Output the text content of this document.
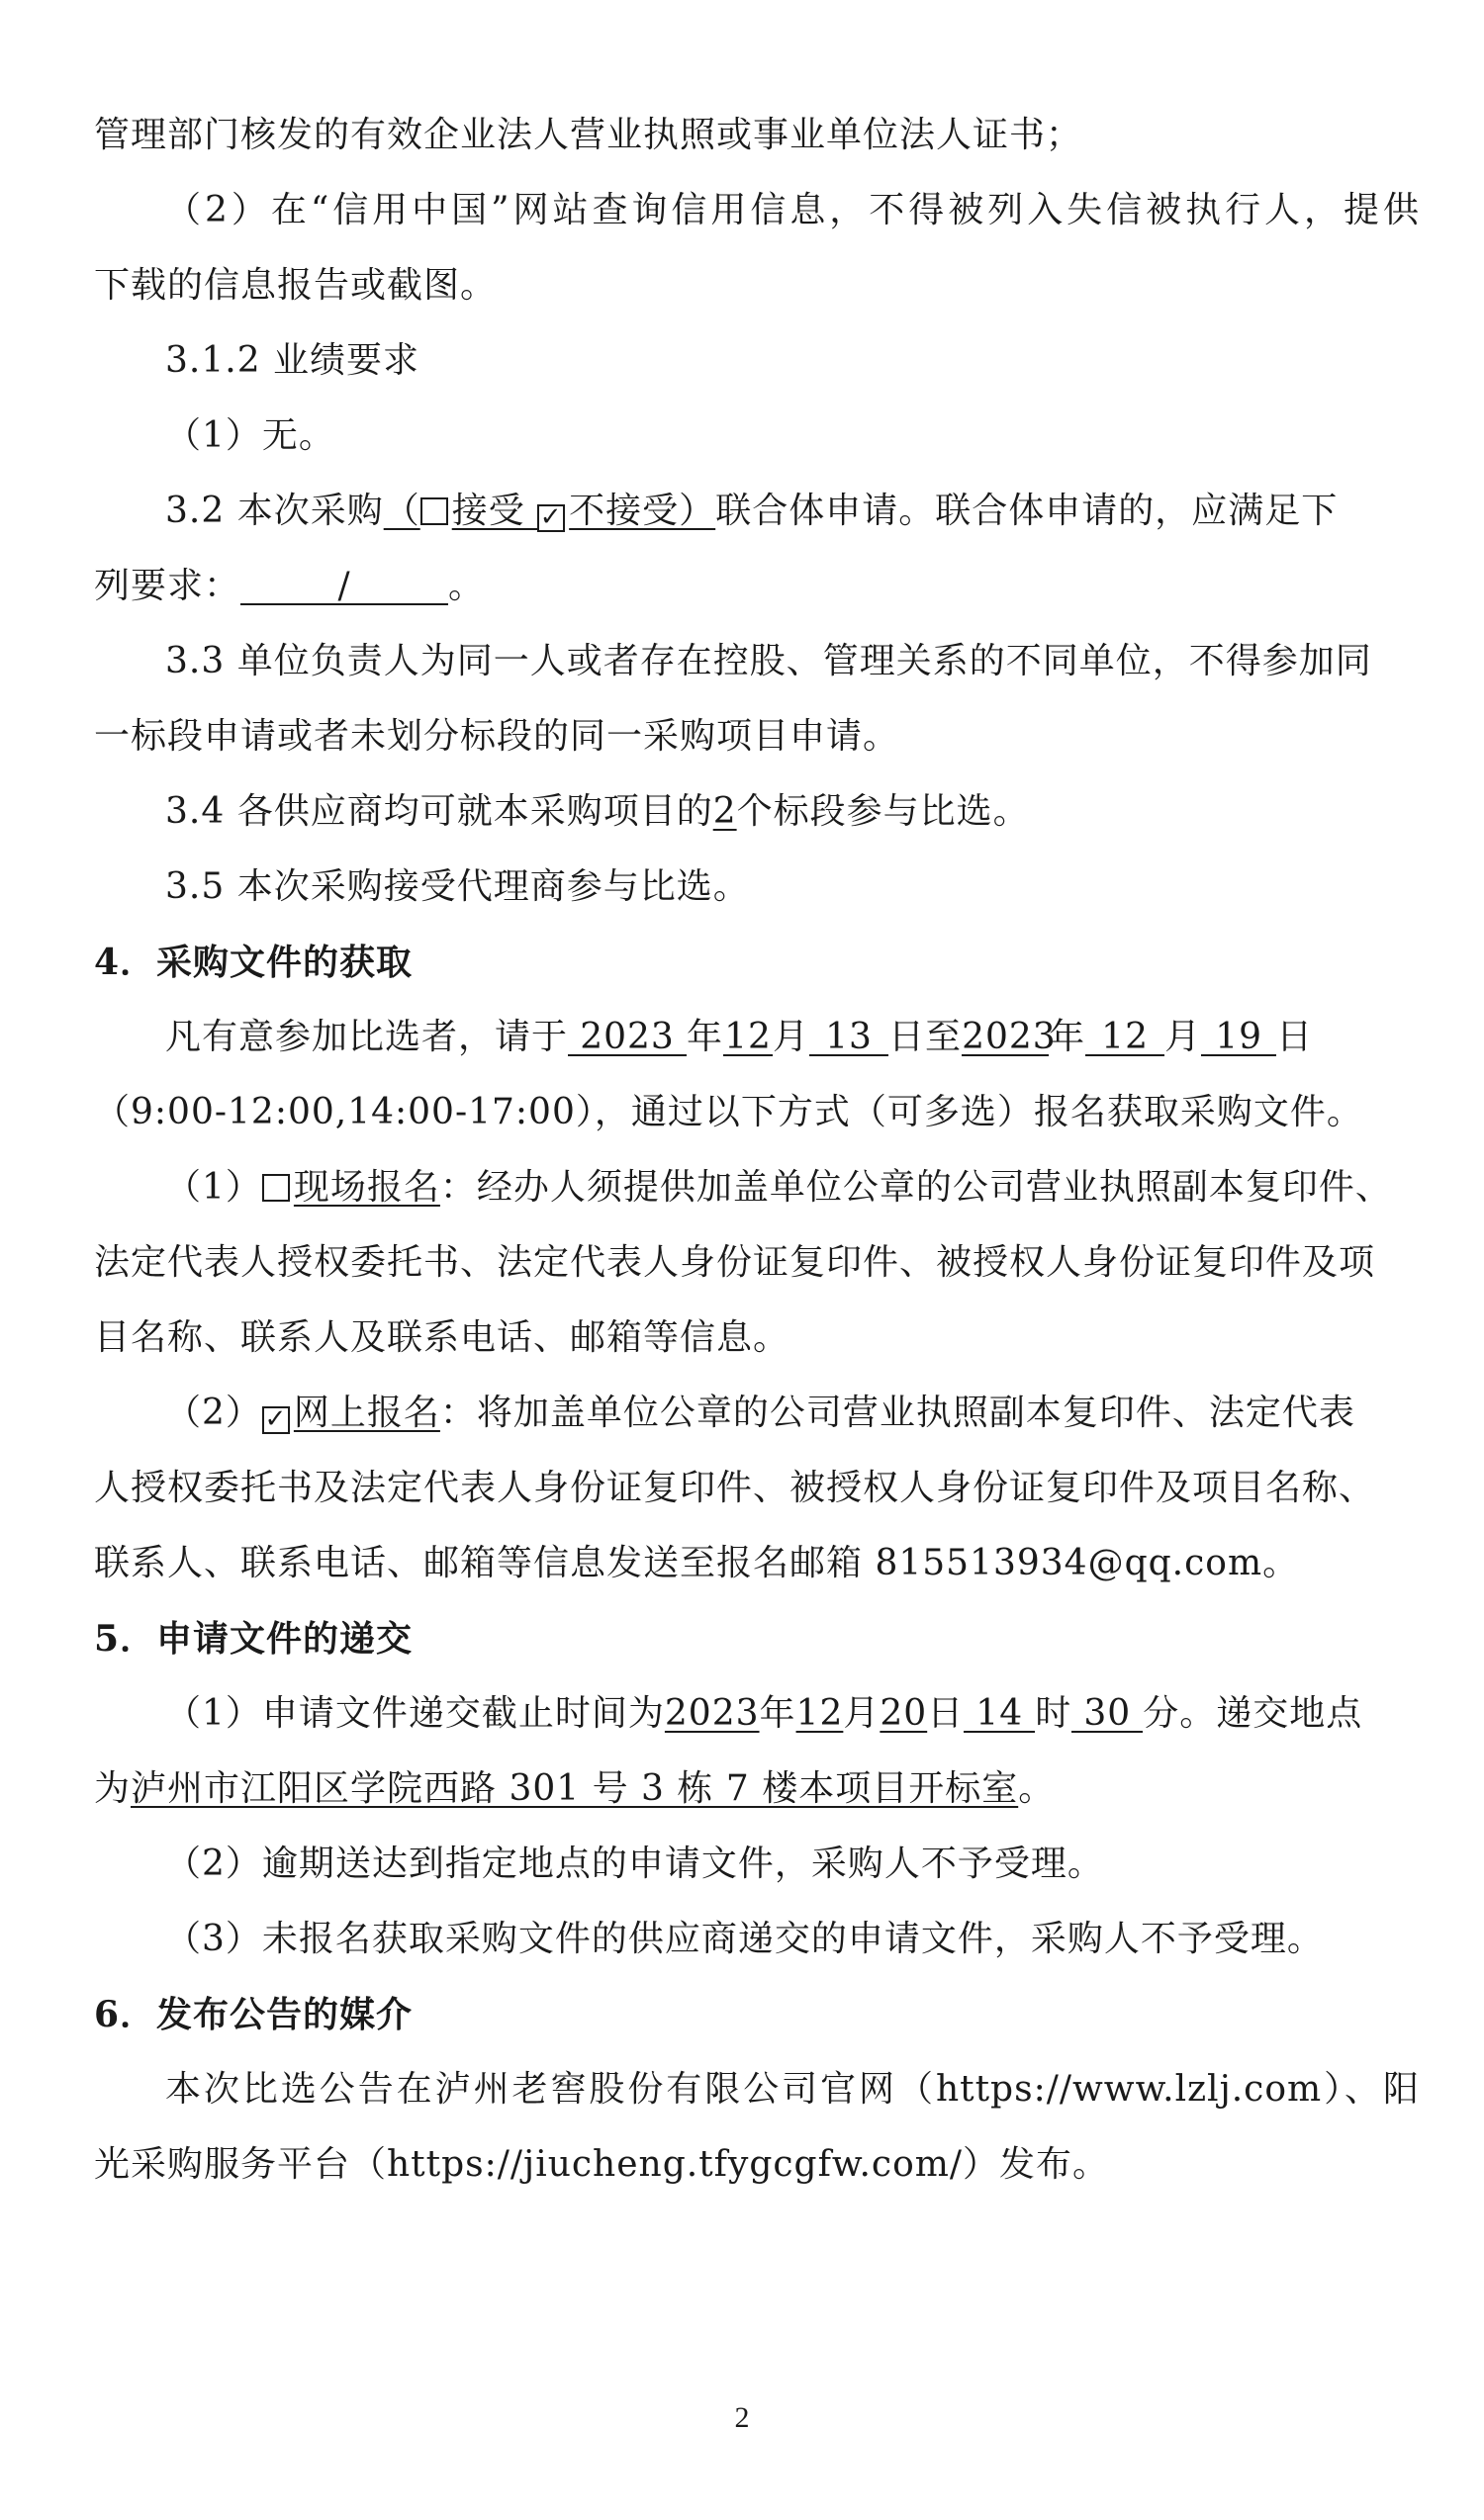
管理部门核发的有效企业法人营业执照或事业单位法人证书；
（2）在“信用中国”网站查询信用信息，不得被列入失信被执行人，提供
下载的信息报告或截图。
3.1.2 业绩要求
（1）无。
3.2 本次采购（ 接受 ✓ 不接受）联合体申请。联合体申请的，应满足下
列要求：	/	。
3.3 单位负责人为同一人或者存在控股、管理关系的不同单位，不得参加同
一标段申请或者未划分标段的同一采购项目申请。
3.4 各供应商均可就本采购项目的2个标段参与比选。
3.5 本次采购接受代理商参与比选。
4．采购文件的获取
凡有意参加比选者，请于 2023 年12月 13 日至2023年 12 月 19 日
（9:00-12:00,14:00-17:00），通过以下方式（可多选）报名获取采购文件。
（1） 现场报名：经办人须提供加盖单位公章的公司营业执照副本复印件、
法定代表人授权委托书、法定代表人身份证复印件、被授权人身份证复印件及项
目名称、联系人及联系电话、邮箱等信息。
（2）✓ 网上报名：将加盖单位公章的公司营业执照副本复印件、法定代表
人授权委托书及法定代表人身份证复印件、被授权人身份证复印件及项目名称、
联系人、联系电话、邮箱等信息发送至报名邮箱 815513934@qq.com。
5．申请文件的递交
（1）申请文件递交截止时间为2023年12月20日 14 时 30 分。递交地点
为泸州市江阳区学院西路 301 号 3 栋 7 楼本项目开标室。
（2）逾期送达到指定地点的申请文件，采购人不予受理。
（3）未报名获取采购文件的供应商递交的申请文件，采购人不予受理。
6．发布公告的媒介
本次比选公告在泸州老窖股份有限公司官网（https://www.lzlj.com）、阳
光采购服务平台（https://jiucheng.tfygcgfw.com/）发布。
2
